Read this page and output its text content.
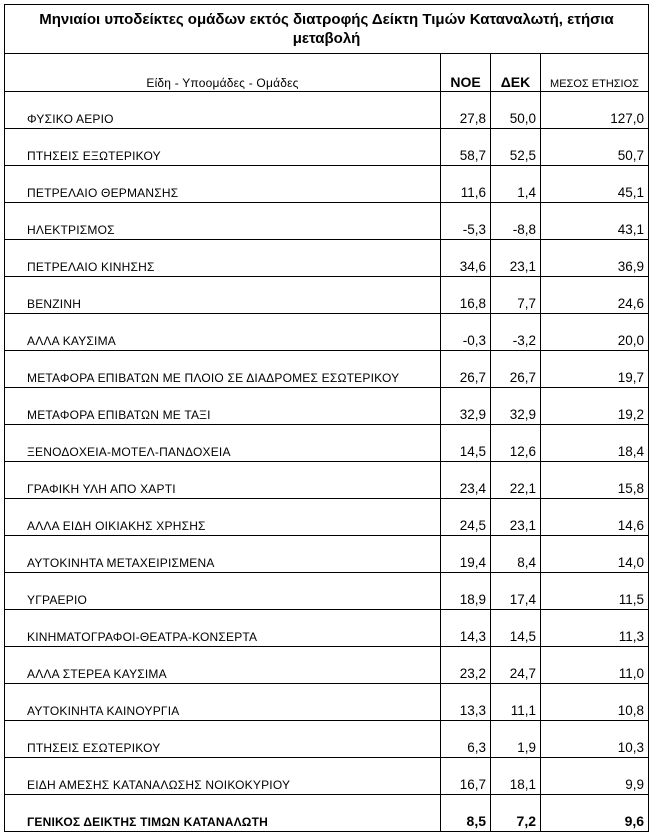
Μηνιαίοι υποδείκτες ομάδων εκτός διατροφής Δείκτη Τιμών Καταναλωτή, ετήσια μεταβολή			
Είδη - Υποομάδες - Ομάδες	ΝΟΕ	ΔΕΚ	ΜΕΣΟΣ ΕΤΗΣΙΟΣ
ΦΥΣΙΚΟ ΑΕΡΙΟ	27,8	50,0	127,0
ΠΤΗΣΕΙΣ ΕΞΩΤΕΡΙΚΟΥ	58,7	52,5	50,7
ΠΕΤΡΕΛΑΙΟ ΘΕΡΜΑΝΣΗΣ	11,6	1,4	45,1
ΗΛΕΚΤΡΙΣΜΟΣ	-5,3	-8,8	43,1
ΠΕΤΡΕΛΑΙΟ ΚΙΝΗΣΗΣ	34,6	23,1	36,9
ΒΕΝΖΙΝΗ	16,8	7,7	24,6
ΑΛΛΑ ΚΑΥΣΙΜΑ	-0,3	-3,2	20,0
ΜΕΤΑΦΟΡΑ ΕΠΙΒΑΤΩΝ ΜΕ ΠΛΟΙΟ ΣΕ ΔΙΑΔΡΟΜΕΣ ΕΣΩΤΕΡΙΚΟΥ	26,7	26,7	19,7
ΜΕΤΑΦΟΡΑ ΕΠΙΒΑΤΩΝ ΜΕ ΤΑΞΙ	32,9	32,9	19,2
ΞΕΝΟΔΟΧΕΙΑ-ΜΟΤΕΛ-ΠΑΝΔΟΧΕΙΑ	14,5	12,6	18,4
ΓΡΑΦΙΚΗ ΥΛΗ ΑΠΟ ΧΑΡΤΙ	23,4	22,1	15,8
ΑΛΛΑ ΕΙΔΗ ΟΙΚΙΑΚΗΣ ΧΡΗΣΗΣ	24,5	23,1	14,6
ΑΥΤΟΚΙΝΗΤΑ ΜΕΤΑΧΕΙΡΙΣΜΕΝΑ	19,4	8,4	14,0
ΥΓΡΑΕΡΙΟ	18,9	17,4	11,5
ΚΙΝΗΜΑΤΟΓΡΑΦΟΙ-ΘΕΑΤΡΑ-ΚΟΝΣΕΡΤΑ	14,3	14,5	11,3
ΑΛΛΑ ΣΤΕΡΕΑ ΚΑΥΣΙΜΑ	23,2	24,7	11,0
ΑΥΤΟΚΙΝΗΤΑ ΚΑΙΝΟΥΡΓΙΑ	13,3	11,1	10,8
ΠΤΗΣΕΙΣ ΕΣΩΤΕΡΙΚΟΥ	6,3	1,9	10,3
ΕΙΔΗ ΑΜΕΣΗΣ ΚΑΤΑΝΑΛΩΣΗΣ ΝΟΙΚΟΚΥΡΙΟΥ	16,7	18,1	9,9
ΓΕΝΙΚΟΣ ΔΕΙΚΤΗΣ ΤΙΜΩΝ ΚΑΤΑΝΑΛΩΤΗ	8,5	7,2	9,6
